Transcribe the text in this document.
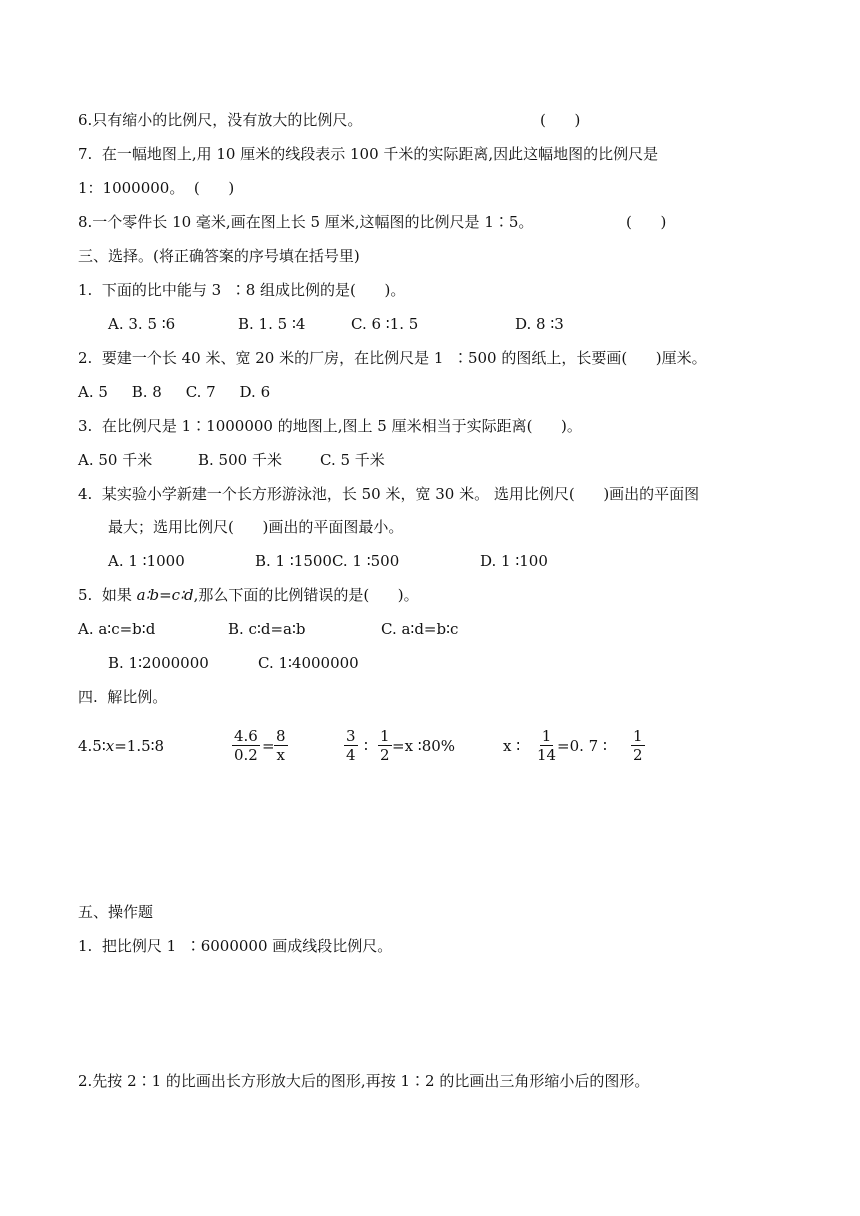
6.只有缩小的比例尺，没有放大的比例尺。	(      )
7.  在一幅地图上,用 10 厘米的线段表示 100 千米的实际距离,因此这幅地图的比例尺是
1：1000000。  (      )
8.一个零件长 10 毫米,画在图上长 5 厘米,这幅图的比例尺是 1∶5。	(      )
三、选择。(将正确答案的序号填在括号里)
1.  下面的比中能与 3  ∶8 组成比例的是(      )。
A. 3. 5 ∶6	B. 1. 5 ∶4	C. 6 ∶1. 5	D. 8 ∶3
2.  要建一个长 40 米、宽 20 米的厂房，在比例尺是 1  ∶500 的图纸上，长要画(      )厘米。
A. 5     B. 8     C. 7     D. 6
3.  在比例尺是 1∶1000000 的地图上,图上 5 厘米相当于实际距离(      )。
A. 50 千米	B. 500 千米	C. 5 千米
4.  某实验小学新建一个长方形游泳池，长 50 米，宽 30 米。 选用比例尺(      )画出的平面图
最大；选用比例尺(      )画出的平面图最小。
A. 1 ∶1000	B. 1 ∶1500C. 1 ∶500	D. 1 ∶100
5.  如果 a∶b=c∶d,那么下面的比例错误的是(      )。
A. a∶c=b∶d	B. c∶d=a∶b	C. a∶d=b∶c
B. 1∶2000000	C. 1∶4000000
四.  解比例。
4.5∶x=1.5∶8	$\frac{4.6}{0.2} = \frac{8}{x}$	$\frac{3}{4}$ ∶ $\frac{1}{2} =x$ ∶80%	x ∶ $\frac{1}{14}$
=0. 7 ∶ $\frac{1}{2}$
五、操作题
1.  把比例尺 1  ∶6000000 画成线段比例尺。
2.先按 2∶1 的比画出长方形放大后的图形,再按 1∶2 的比画出三角形缩小后的图形。
